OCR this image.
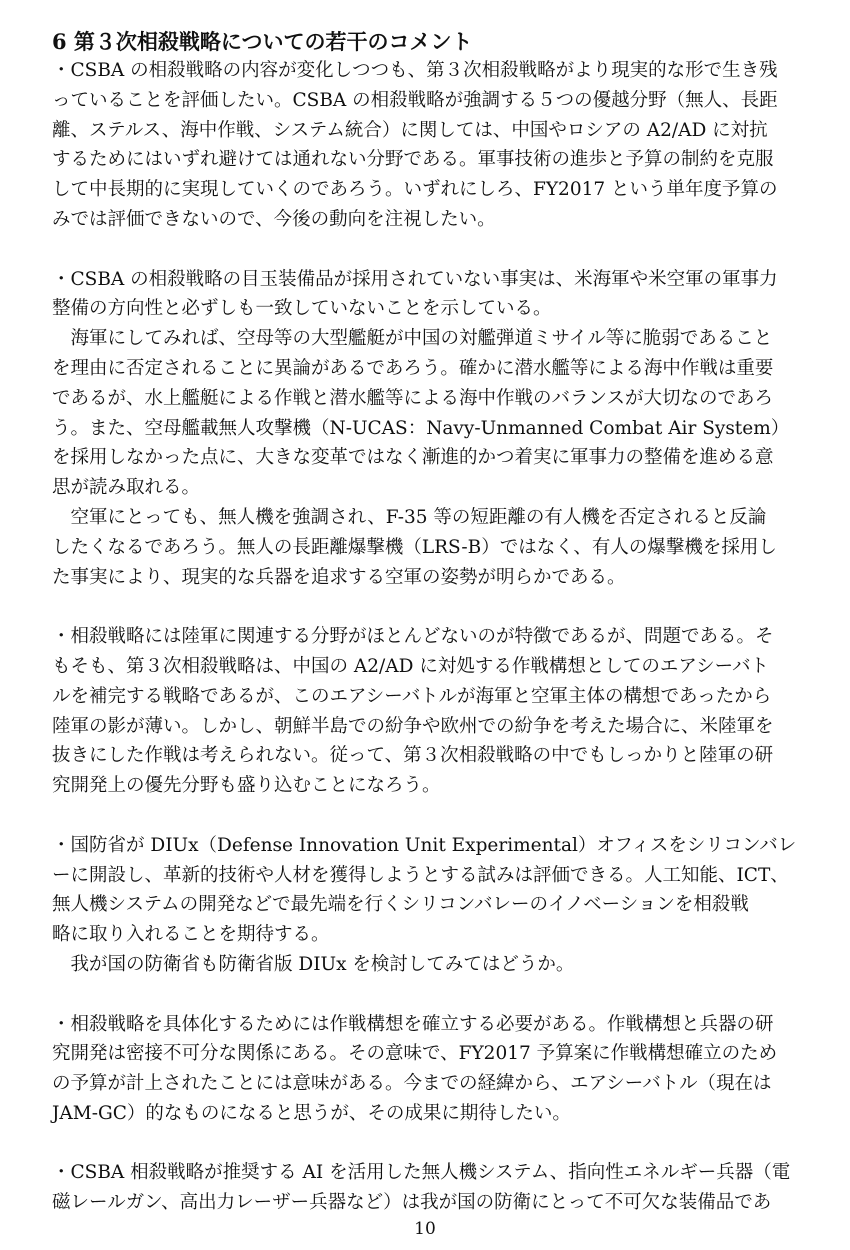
6 第３次相殺戦略についての若干のコメント
・CSBA の相殺戦略の内容が変化しつつも、第３次相殺戦略がより現実的な形で生き残
っていることを評価したい。CSBA の相殺戦略が強調する５つの優越分野（無人、長距
離、ステルス、海中作戦、システム統合）に関しては、中国やロシアの A2/AD に対抗
するためにはいずれ避けては通れない分野である。軍事技術の進歩と予算の制約を克服
して中長期的に実現していくのであろう。いずれにしろ、FY2017 という単年度予算の
みでは評価できないので、今後の動向を注視したい。
・CSBA の相殺戦略の目玉装備品が採用されていない事実は、米海軍や米空軍の軍事力
整備の方向性と必ずしも一致していないことを示している。
　海軍にしてみれば、空母等の大型艦艇が中国の対艦弾道ミサイル等に脆弱であること
を理由に否定されることに異論があるであろう。確かに潜水艦等による海中作戦は重要
であるが、水上艦艇による作戦と潜水艦等による海中作戦のバランスが大切なのであろ
う。また、空母艦載無人攻撃機（N-UCAS：Navy-Unmanned Combat Air System）
を採用しなかった点に、大きな変革ではなく漸進的かつ着実に軍事力の整備を進める意
思が読み取れる。
　空軍にとっても、無人機を強調され、F-35 等の短距離の有人機を否定されると反論
したくなるであろう。無人の長距離爆撃機（LRS-B）ではなく、有人の爆撃機を採用し
た事実により、現実的な兵器を追求する空軍の姿勢が明らかである。
・相殺戦略には陸軍に関連する分野がほとんどないのが特徴であるが、問題である。そ
もそも、第３次相殺戦略は、中国の A2/AD に対処する作戦構想としてのエアシーバト
ルを補完する戦略であるが、このエアシーバトルが海軍と空軍主体の構想であったから
陸軍の影が薄い。しかし、朝鮮半島での紛争や欧州での紛争を考えた場合に、米陸軍を
抜きにした作戦は考えられない。従って、第３次相殺戦略の中でもしっかりと陸軍の研
究開発上の優先分野も盛り込むことになろう。
・国防省が DIUx（Defense Innovation Unit Experimental）オフィスをシリコンバレ
ーに開設し、革新的技術や人材を獲得しようとする試みは評価できる。人工知能、ICT、
無人機システムの開発などで最先端を行くシリコンバレーのイノベーションを相殺戦
略に取り入れることを期待する。
　我が国の防衛省も防衛省版 DIUx を検討してみてはどうか。
・相殺戦略を具体化するためには作戦構想を確立する必要がある。作戦構想と兵器の研
究開発は密接不可分な関係にある。その意味で、FY2017 予算案に作戦構想確立のため
の予算が計上されたことには意味がある。今までの経緯から、エアシーバトル（現在は
JAM-GC）的なものになると思うが、その成果に期待したい。
・CSBA 相殺戦略が推奨する AI を活用した無人機システム、指向性エネルギー兵器（電
磁レールガン、高出力レーザー兵器など）は我が国の防衛にとって不可欠な装備品であ
10
